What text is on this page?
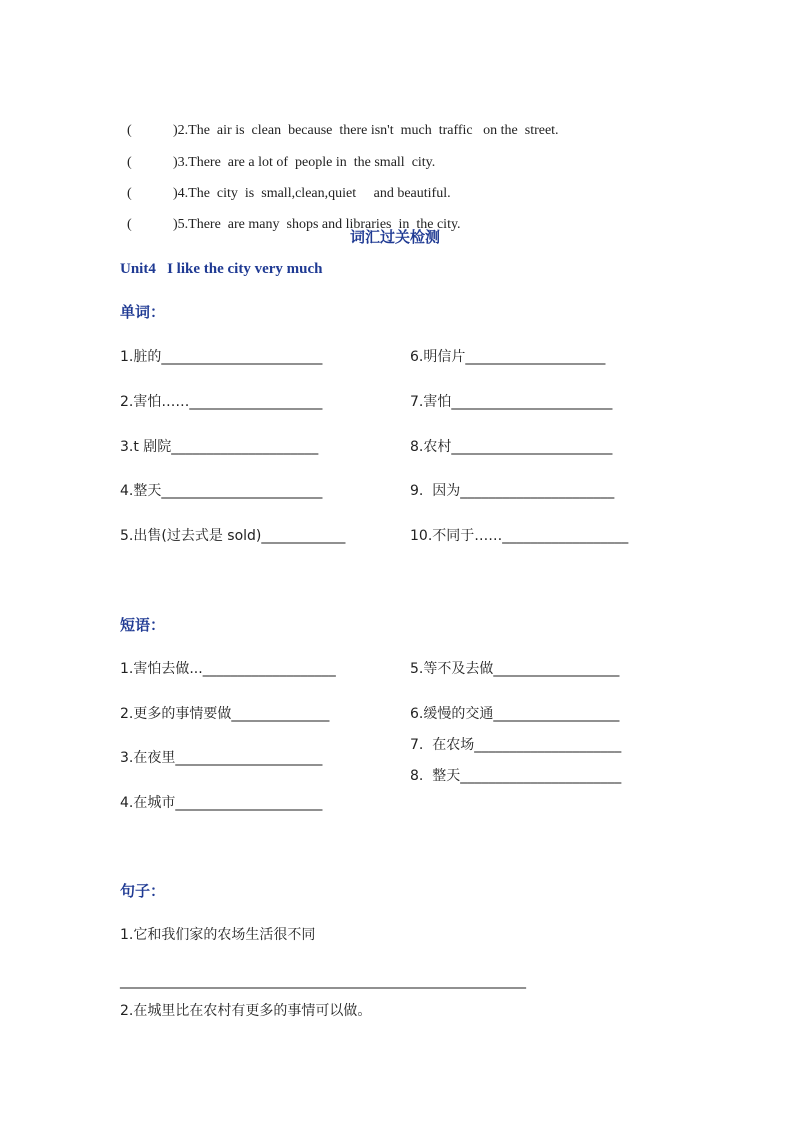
(	)2.The  air is  clean  because  there isn't  much  traffic   on the  street.

(	)3.There  are a lot of  people in  the small  city.

(	)4.The  city  is  small,clean,quiet     and beautiful.

(	)5.There  are many  shops and libraries  in  the city.

词汇过关检测
Unit4   I like the city very much
单词：
1.脏的_______________________
2.害怕……___________________
3.t 剧院_____________________
4.整天_______________________
5.出售(过去式是 sold)____________
6.明信片____________________
7.害怕_______________________
8.农村_______________________
9.  因为______________________
10.不同于……__________________
短语：
1.害怕去做...___________________
2.更多的事情要做______________
3.在夜里_____________________
4.在城市_____________________
5.等不及去做__________________
6.缓慢的交通__________________
7.  在农场_____________________
8.  整天_______________________
句子：
1.它和我们家的农场生活很不同
__________________________________________________________
2.在城里比在农村有更多的事情可以做。
